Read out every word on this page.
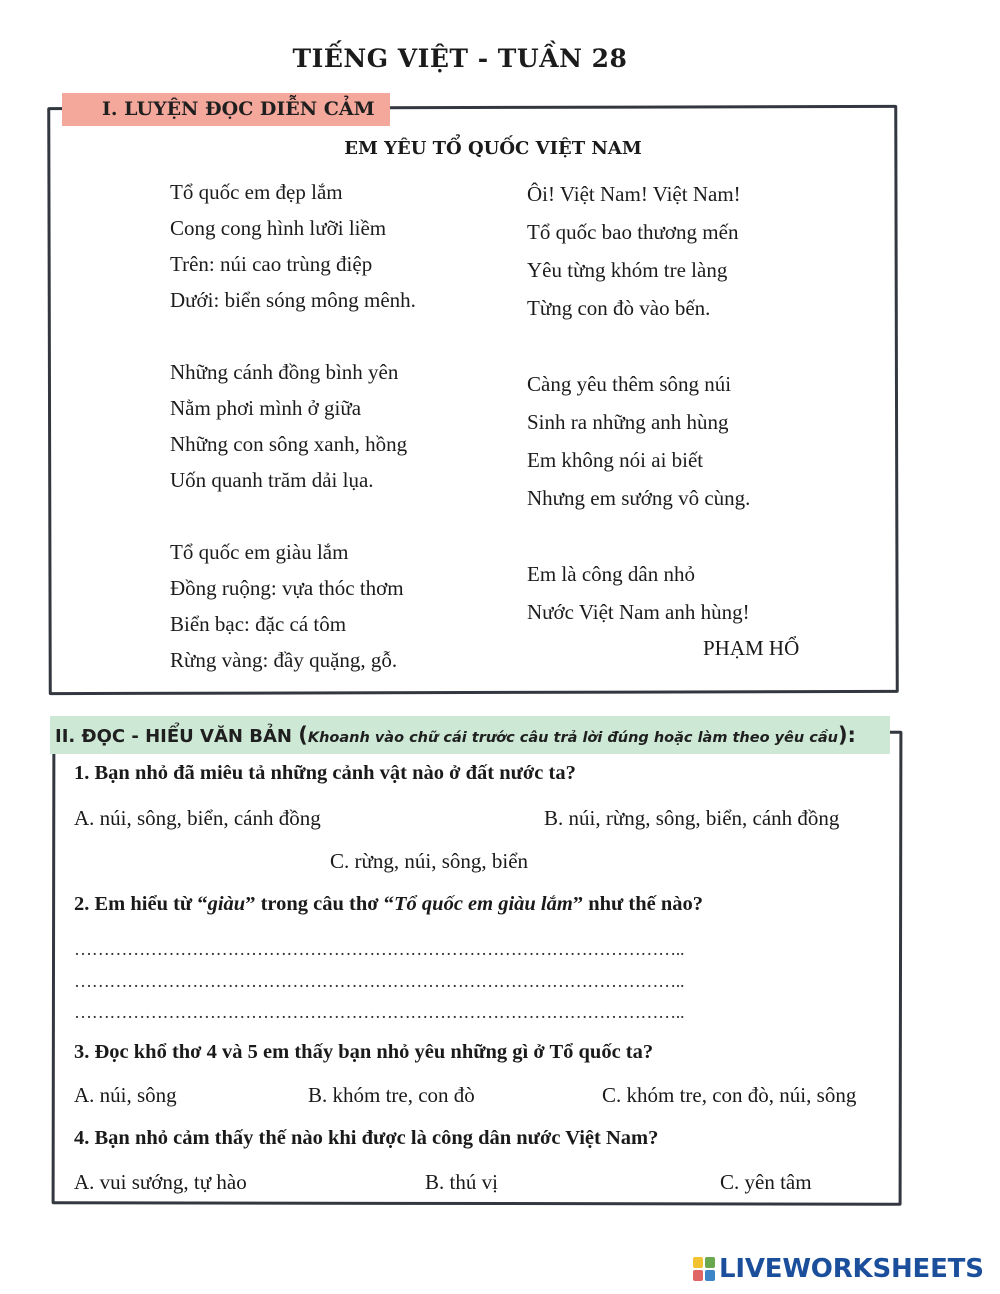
TIẾNG VIỆT - TUẦN 28
I. LUYỆN ĐỌC DIỄN CẢM
EM YÊU TỔ QUỐC VIỆT NAM
Tổ quốc em đẹp lắm
Cong cong hình lưỡi liềm
Trên: núi cao trùng điệp
Dưới: biển sóng mông mênh.
Những cánh đồng bình yên
Nằm phơi mình ở giữa
Những con sông xanh, hồng
Uốn quanh trăm dải lụa.
Tổ quốc em giàu lắm
Đồng ruộng: vựa thóc thơm
Biển bạc: đặc cá tôm
Rừng vàng: đầy quặng, gỗ.
Ôi! Việt Nam! Việt Nam!
Tổ quốc bao thương mến
Yêu từng khóm tre làng
Từng con đò vào bến.
Càng yêu thêm sông núi
Sinh ra những anh hùng
Em không nói ai biết
Nhưng em sướng vô cùng.
Em là công dân nhỏ
Nước Việt Nam anh hùng!
PHẠM HỔ
II. ĐỌC - HIỂU VĂN BẢN (Khoanh vào chữ cái trước câu trả lời đúng hoặc làm theo yêu cầu):
1. Bạn nhỏ đã miêu tả những cảnh vật nào ở đất nước ta?
A. núi, sông, biển, cánh đồng	B. núi, rừng, sông, biển, cánh đồng
C. rừng, núi, sông, biển
2. Em hiểu từ “giàu” trong câu thơ “Tổ quốc em giàu lắm” như thế nào?
…………………………………………………………………………………………..
…………………………………………………………………………………………..
…………………………………………………………………………………………..
3. Đọc khổ thơ 4 và 5 em thấy bạn nhỏ yêu những gì ở Tổ quốc ta?
A. núi, sông	B. khóm tre, con đò	C. khóm tre, con đò, núi, sông
4. Bạn nhỏ cảm thấy thế nào khi được là công dân nước Việt Nam?
A. vui sướng, tự hào	B. thú vị	C. yên tâm
LIVEWORKSHEETS
